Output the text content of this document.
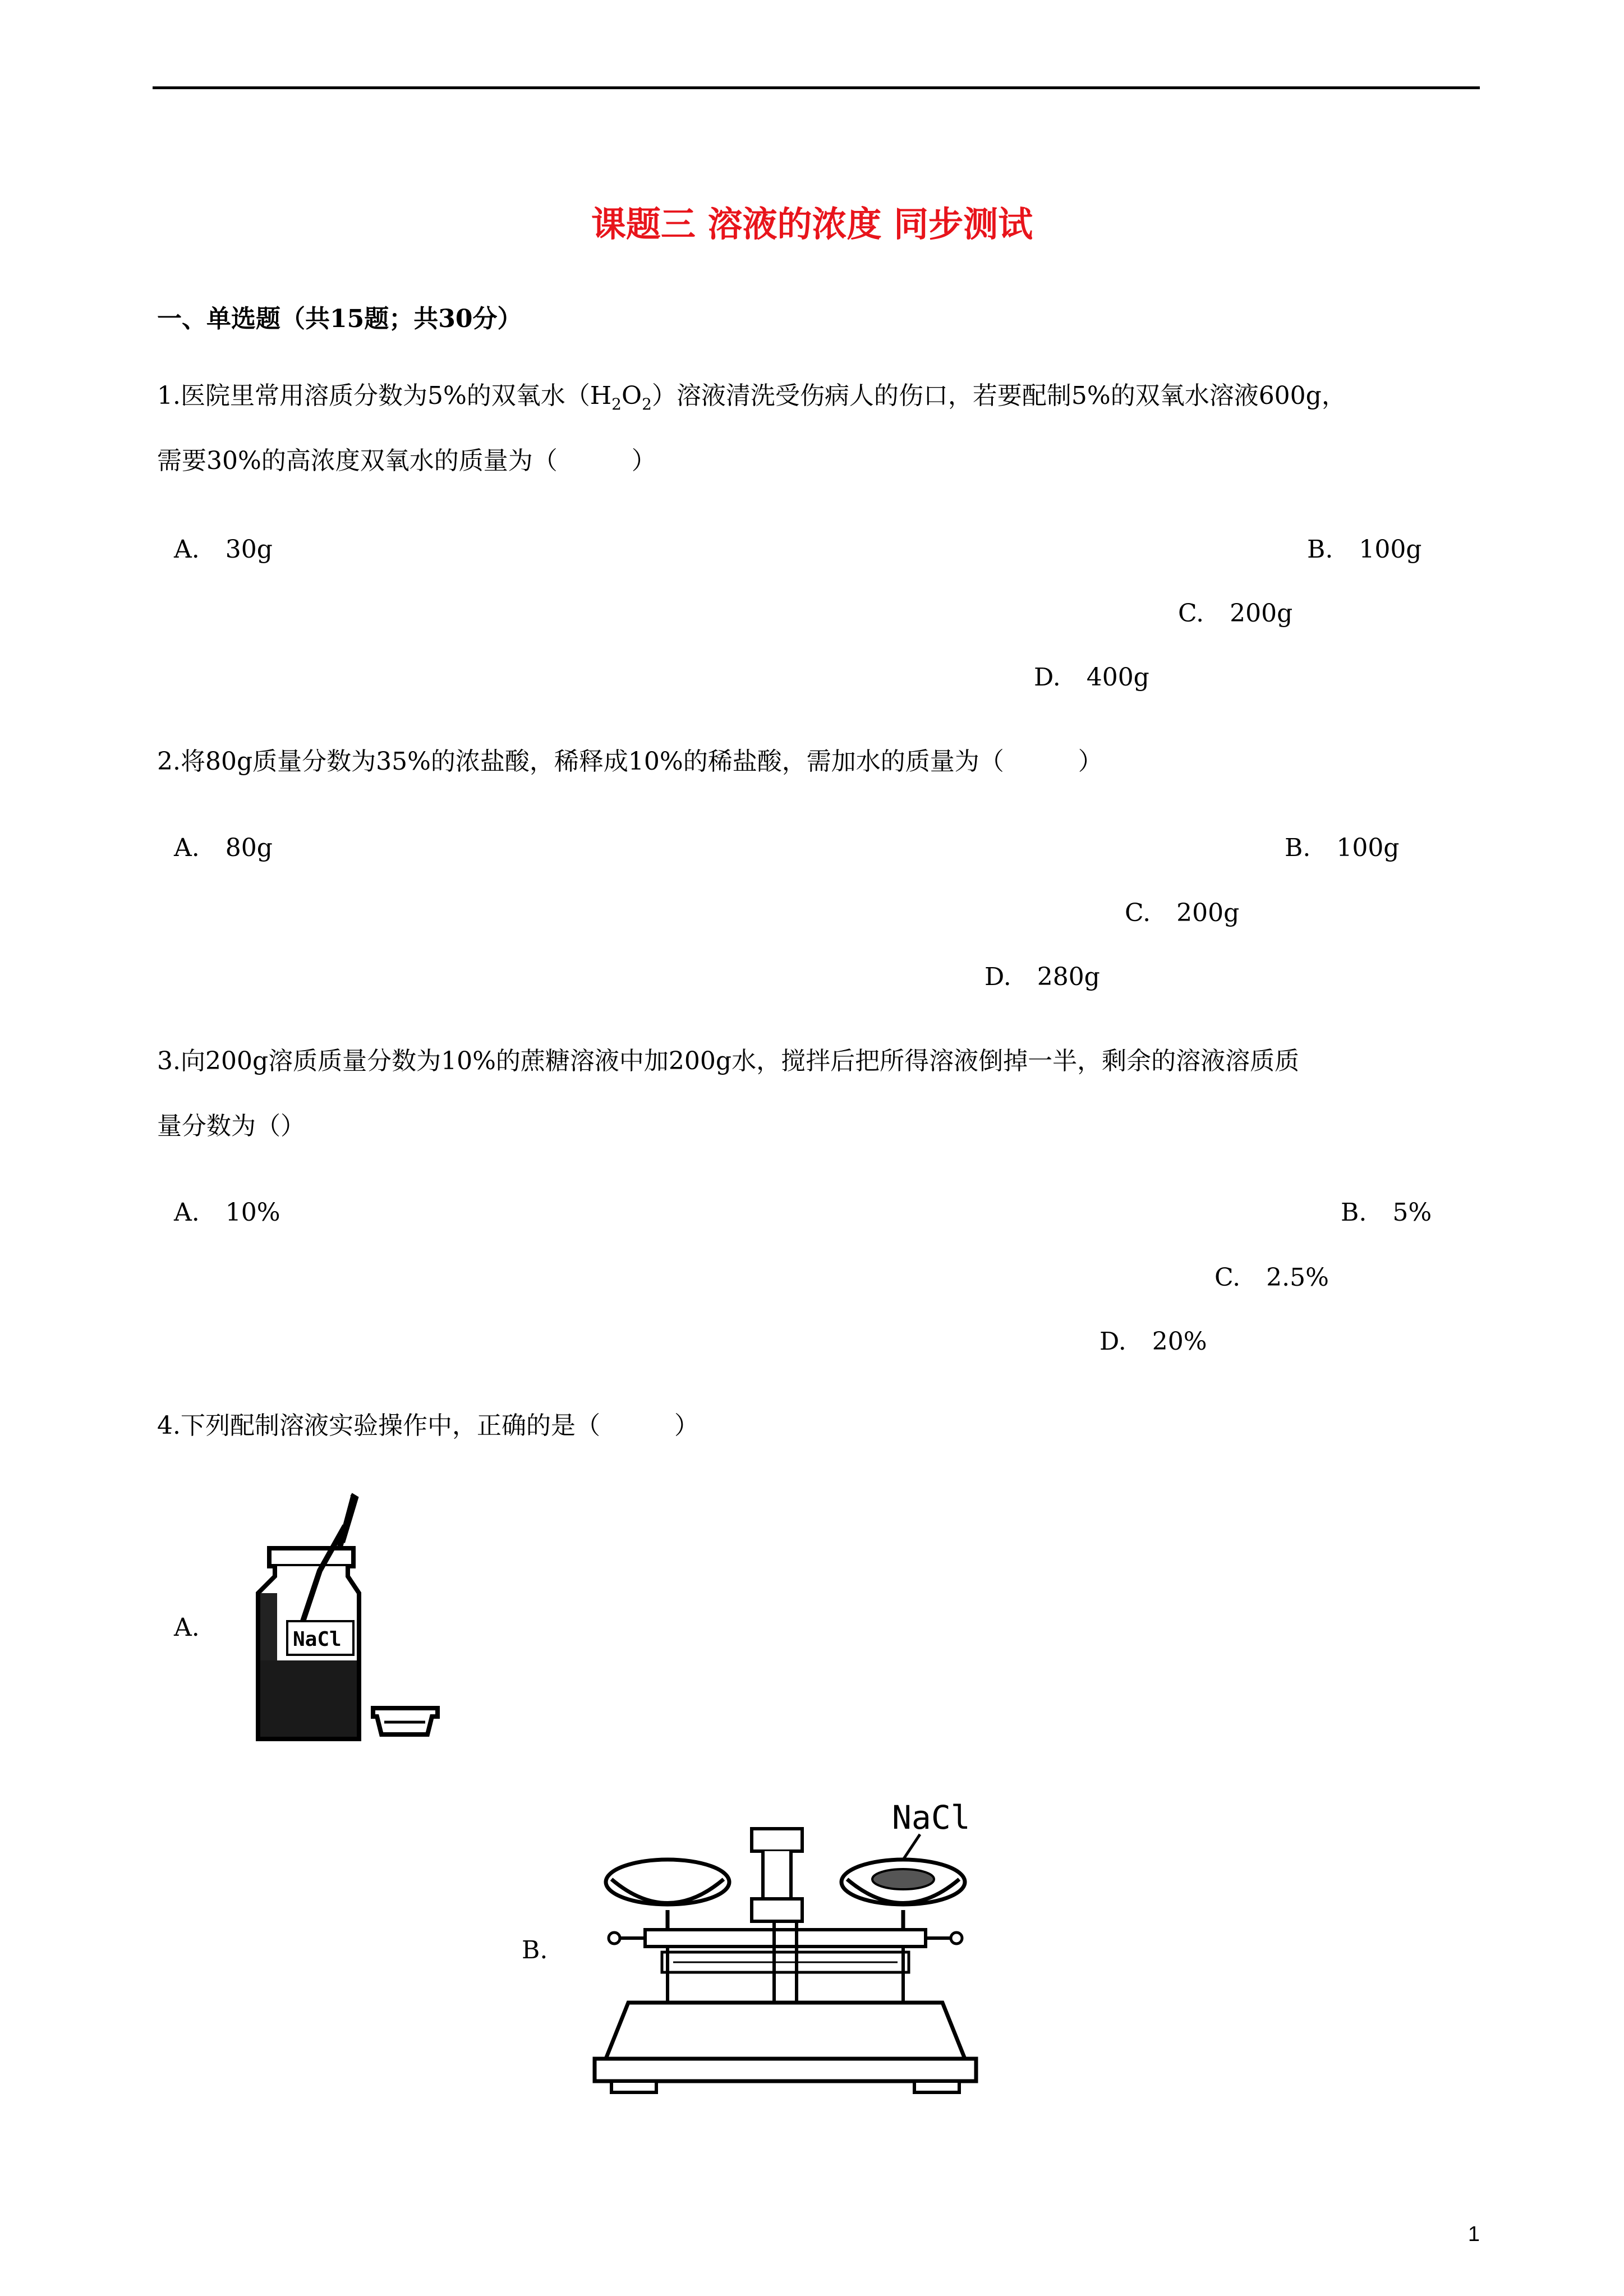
课题三 溶液的浓度 同步测试
一、单选题（共15题；共30分）
1.医院里常用溶质分数为5%的双氧水$(H_2O_2)$溶液清洗受伤病人的伤口，若要配制5%的双氧水溶液600g，
需要30%的高浓度双氧水的质量为（　　　）
A. 30g	B. 100g
C. 200g
D. 400g
2.将80g质量分数为35%的浓盐酸，稀释成10%的稀盐酸，需加水的质量为（　　　）
A. 80g	B. 100g
C. 200g
D. 280g
3.向200g溶质质量分数为10%的蔗糖溶液中加200g水，搅拌后把所得溶液倒掉一半，剩余的溶液溶质质
量分数为（）
A. 10%	B. 5%
C. 2.5%
D. 20%
4.下列配制溶液实验操作中，正确的是（　　　）
A.	NaCl
B.
NaCl
1
